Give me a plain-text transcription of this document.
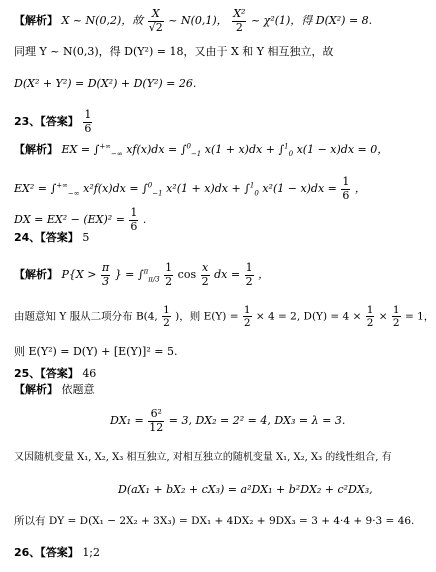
【解析】 X ~ N(0,2)，故 $\frac{X}{√2}$ ~ N(0,1)， $\frac{\text{X²}}{2}$ ~ χ²(1)，得 D(X²) = 8.
同理 Y ~ N(0,3)，得 D(Y²) = 18，又由于 X 和 Y 相互独立，故
D(X² + Y²) = D(X²) + D(Y²) = 26.
23、【答案】 $\frac{1}{6}$
【解析】 EX = $\int^{+\infty}_{-\infty}$ xf(x)dx = ∫$^0_{-1}$ x(1 + x)dx + ∫$^1_0$ x(1 − x)dx = 0，
$EX^2 = \int^{+\infty}_{-\infty}$ x²f(x)dx = ∫$^0_{-1}$ x²(1 + x)dx + ∫$^1_0$ $x^2(1 - x)dx = \frac{1}{6}$ ，
DX = $EX^2 - (EX)^2 = \frac{1}{6}$ .
24、【答案】 5
【解析】 $P\{X > \frac{\pi}{3}$ } = $\int^\pi_{\pi/3} \frac{1}{2}$ $\cos \frac{x}{2}$ dx = $\frac{1}{2}$ ，
由题意知 Y 服从二项分布 B(4, $\frac{1}{2}$ )，则 $E(Y) = \frac{1}{2} \times 4 = 2$, $D(Y) = 4 \times \frac{1}{2} \times \frac{1}{2} = 1$，
则 E(Y²) = D(Y) + [E(Y)]² = 5.
25、【答案】 46
【解析】 依题意
$DX_1 = \frac{\text{6²}}{12} = 3$, DX₂ = 2² = 4, DX₃ = λ = 3.
又因随机变量 X₁, X₂, X₃ 相互独立, 对相互独立的随机变量 X₁, X₂, X₃ 的线性组合, 有
D(aX₁ + bX₂ + cX₃) = a²DX₁ + b²DX₂ + c²DX₃,
所以有 DY = D(X₁ − 2X₂ + 3X₃) = DX₁ + 4DX₂ + 9DX₃ = 3 + 4·4 + 9·3 = 46.
26、【答案】 1;2
